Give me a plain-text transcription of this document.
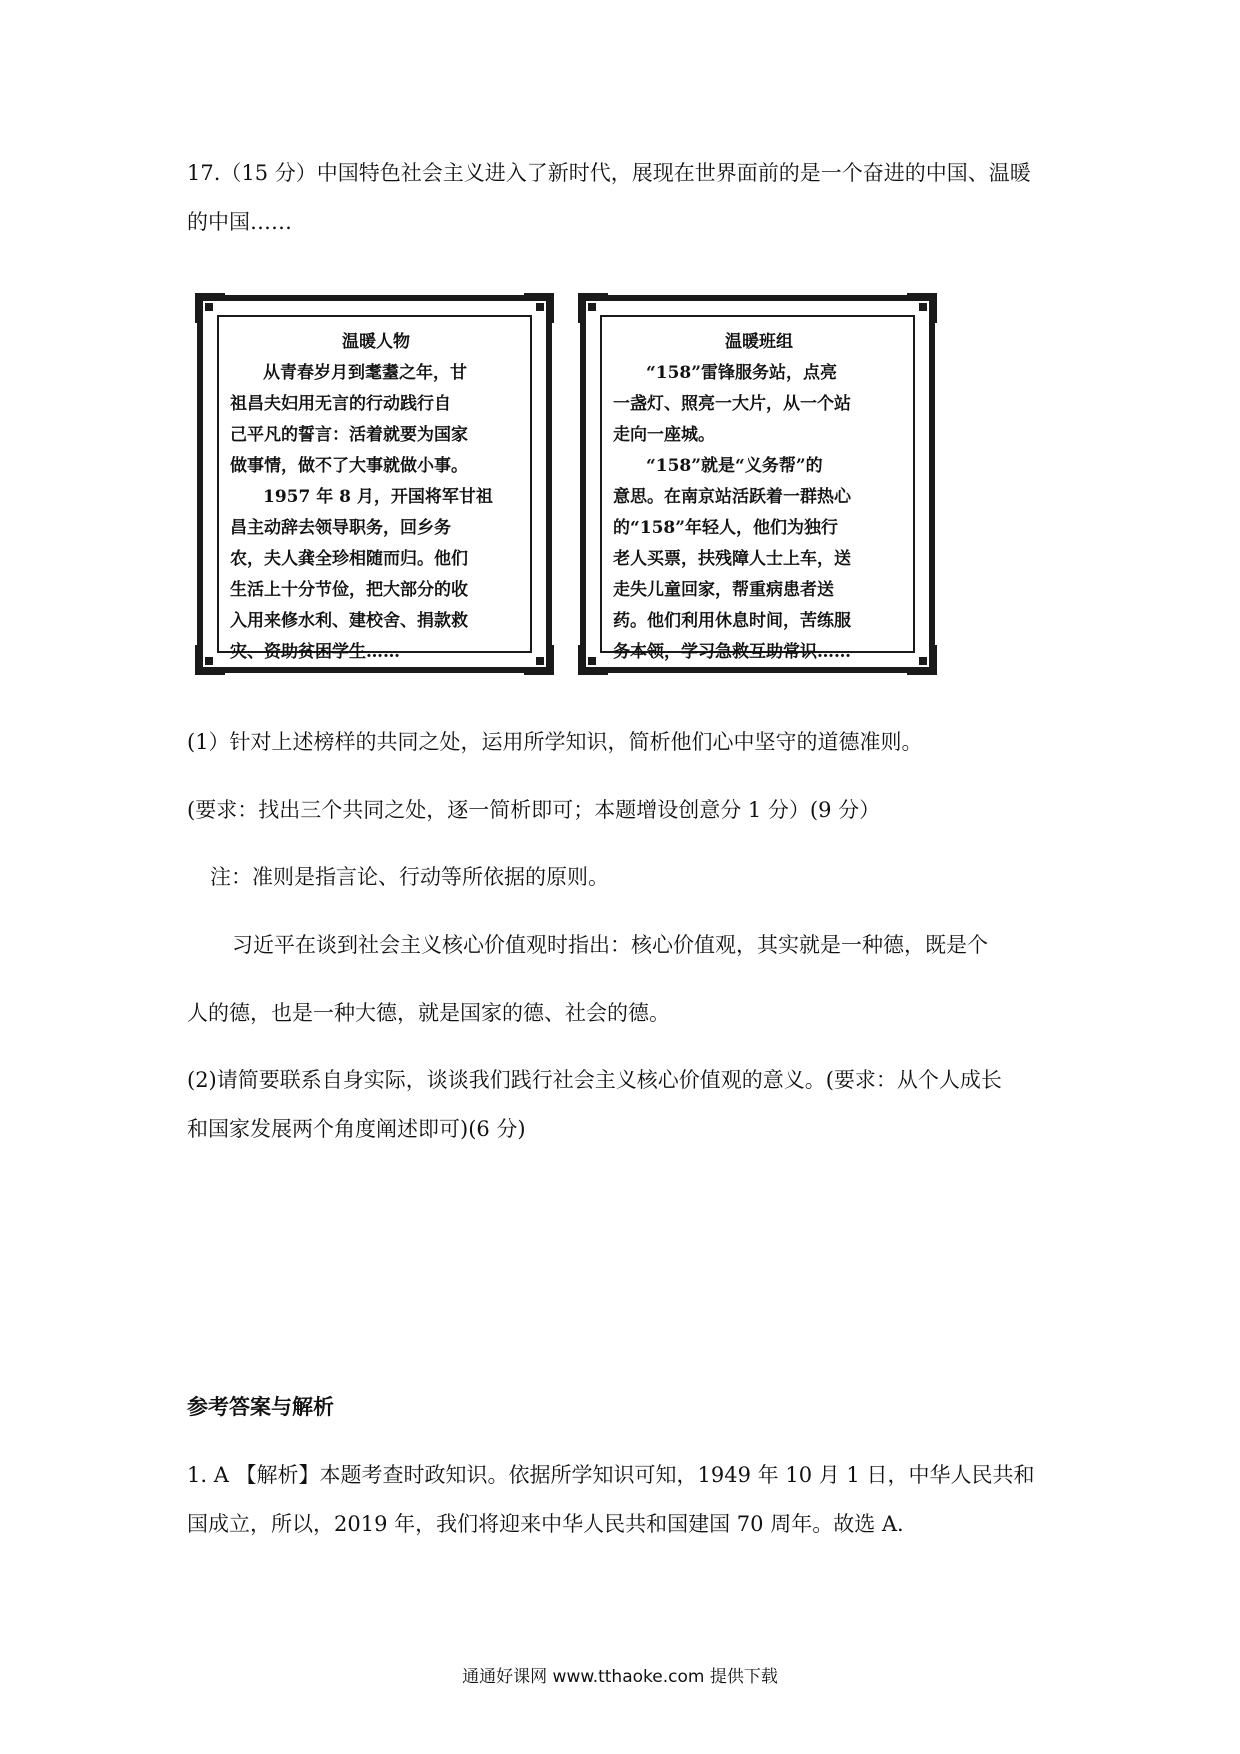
17.（15 分）中国特色社会主义进入了新时代，展现在世界面前的是一个奋进的中国、温暖
的中国……
温暖人物
从青春岁月到耄耋之年，甘
祖昌夫妇用无言的行动践行自
己平凡的誓言：活着就要为国家
做事情，做不了大事就做小事。
1957 年 8 月，开国将军甘祖
昌主动辞去领导职务，回乡务
农，夫人龚全珍相随而归。他们
生活上十分节俭，把大部分的收
入用来修水利、建校舍、捐款救
灾、资助贫困学生……
温暖班组
“158”雷锋服务站，点亮
一盏灯、照亮一大片，从一个站
走向一座城。
“158”就是“义务帮”的
意思。在南京站活跃着一群热心
的“158”年轻人，他们为独行
老人买票，扶残障人士上车，送
走失儿童回家，帮重病患者送
药。他们利用休息时间，苦练服
务本领，学习急救互助常识……
(1）针对上述榜样的共同之处，运用所学知识，简析他们心中坚守的道德准则。
(要求：找出三个共同之处，逐一简析即可；本题增设创意分 1 分）(9 分）
注：准则是指言论、行动等所依据的原则。
习近平在谈到社会主义核心价值观时指出：核心价值观，其实就是一种德，既是个
人的德，也是一种大德，就是国家的德、社会的德。
(2)请简要联系自身实际，谈谈我们践行社会主义核心价值观的意义。(要求：从个人成长
和国家发展两个角度阐述即可)(6 分)
参考答案与解析
1. A 【解析】本题考查时政知识。依据所学知识可知，1949 年 10 月 1 日，中华人民共和
国成立，所以，2019 年，我们将迎来中华人民共和国建国 70 周年。故选 A.
通通好课网 www.tthaoke.com 提供下载
